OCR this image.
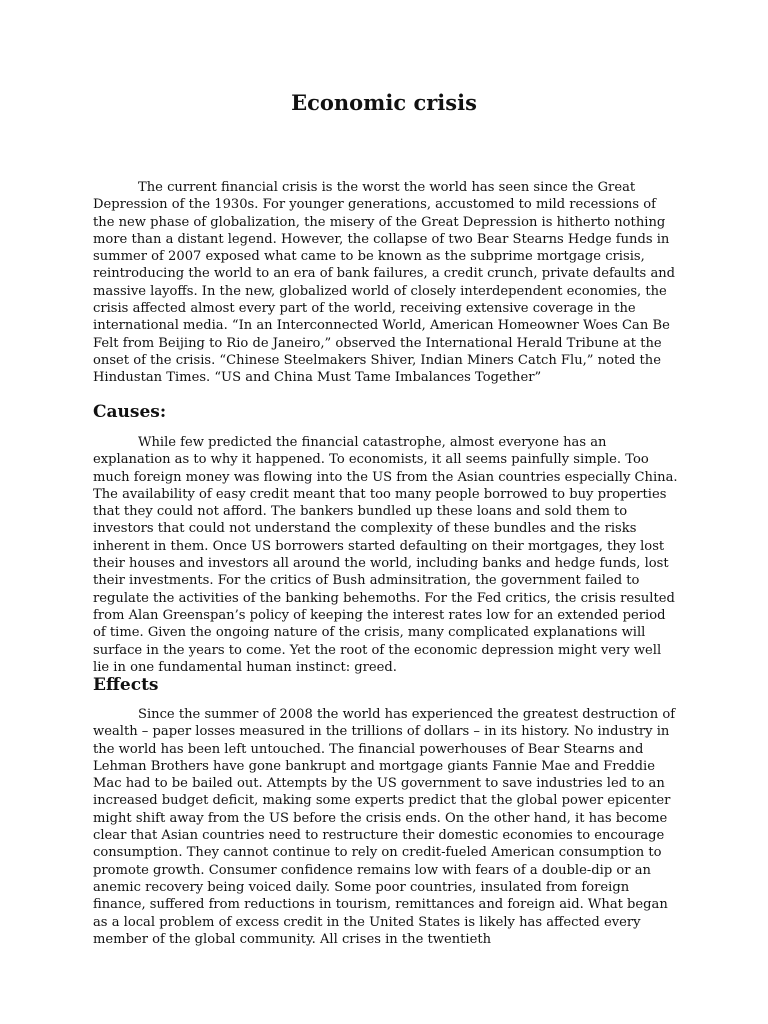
Economic crisis

The current financial crisis is the worst the world has seen since the Great Depression of the 1930s. For younger generations, accustomed to mild recessions of the new phase of globalization, the misery of the Great Depression is hitherto nothing more than a distant legend. However, the collapse of two Bear Stearns Hedge funds in summer of 2007 exposed what came to be known as the subprime mortgage crisis, reintroducing the world to an era of bank failures, a credit crunch, private defaults and massive layoffs. In the new, globalized world of closely interdependent economies, the crisis affected almost every part of the world, receiving extensive coverage in the international media. “In an Interconnected World, American Homeowner Woes Can Be Felt from Beijing to Rio de Janeiro,” observed the International Herald Tribune at the onset of the crisis. “Chinese Steelmakers Shiver, Indian Miners Catch Flu,” noted the Hindustan Times. “US and China Must Tame Imbalances Together”

Causes:

While few predicted the financial catastrophe, almost everyone has an explanation as to why it happened. To economists, it all seems painfully simple. Too much foreign money was flowing into the US from the Asian countries especially China. The availability of easy credit meant that too many people borrowed to buy properties that they could not afford. The bankers bundled up these loans and sold them to investors that could not understand the complexity of these bundles and the risks inherent in them. Once US borrowers started defaulting on their mortgages, they lost their houses and investors all around the world, including banks and hedge funds, lost their investments. For the critics of Bush adminsitration, the government failed to regulate the activities of the banking behemoths. For the Fed critics, the crisis resulted from Alan Greenspan’s policy of keeping the interest rates low for an extended period of time. Given the ongoing nature of the crisis, many complicated explanations will surface in the years to come. Yet the root of the economic depression might very well lie in one fundamental human instinct: greed.

Effects

Since the summer of 2008 the world has experienced the greatest destruction of wealth – paper losses measured in the trillions of dollars – in its history. No industry in the world has been left untouched. The financial powerhouses of Bear Stearns and Lehman Brothers have gone bankrupt and mortgage giants Fannie Mae and Freddie Mac had to be bailed out. Attempts by the US government to save industries led to an increased budget deficit, making some experts predict that the global power epicenter might shift away from the US before the crisis ends. On the other hand, it has become clear that Asian countries need to restructure their domestic economies to encourage consumption. They cannot continue to rely on credit-fueled American consumption to promote growth. Consumer confidence remains low with fears of a double-dip or an anemic recovery being voiced daily. Some poor countries, insulated from foreign finance, suffered from reductions in tourism, remittances and foreign aid. What began as a local problem of excess credit in the United States is likely has affected every member of the global community. All crises in the twentieth
